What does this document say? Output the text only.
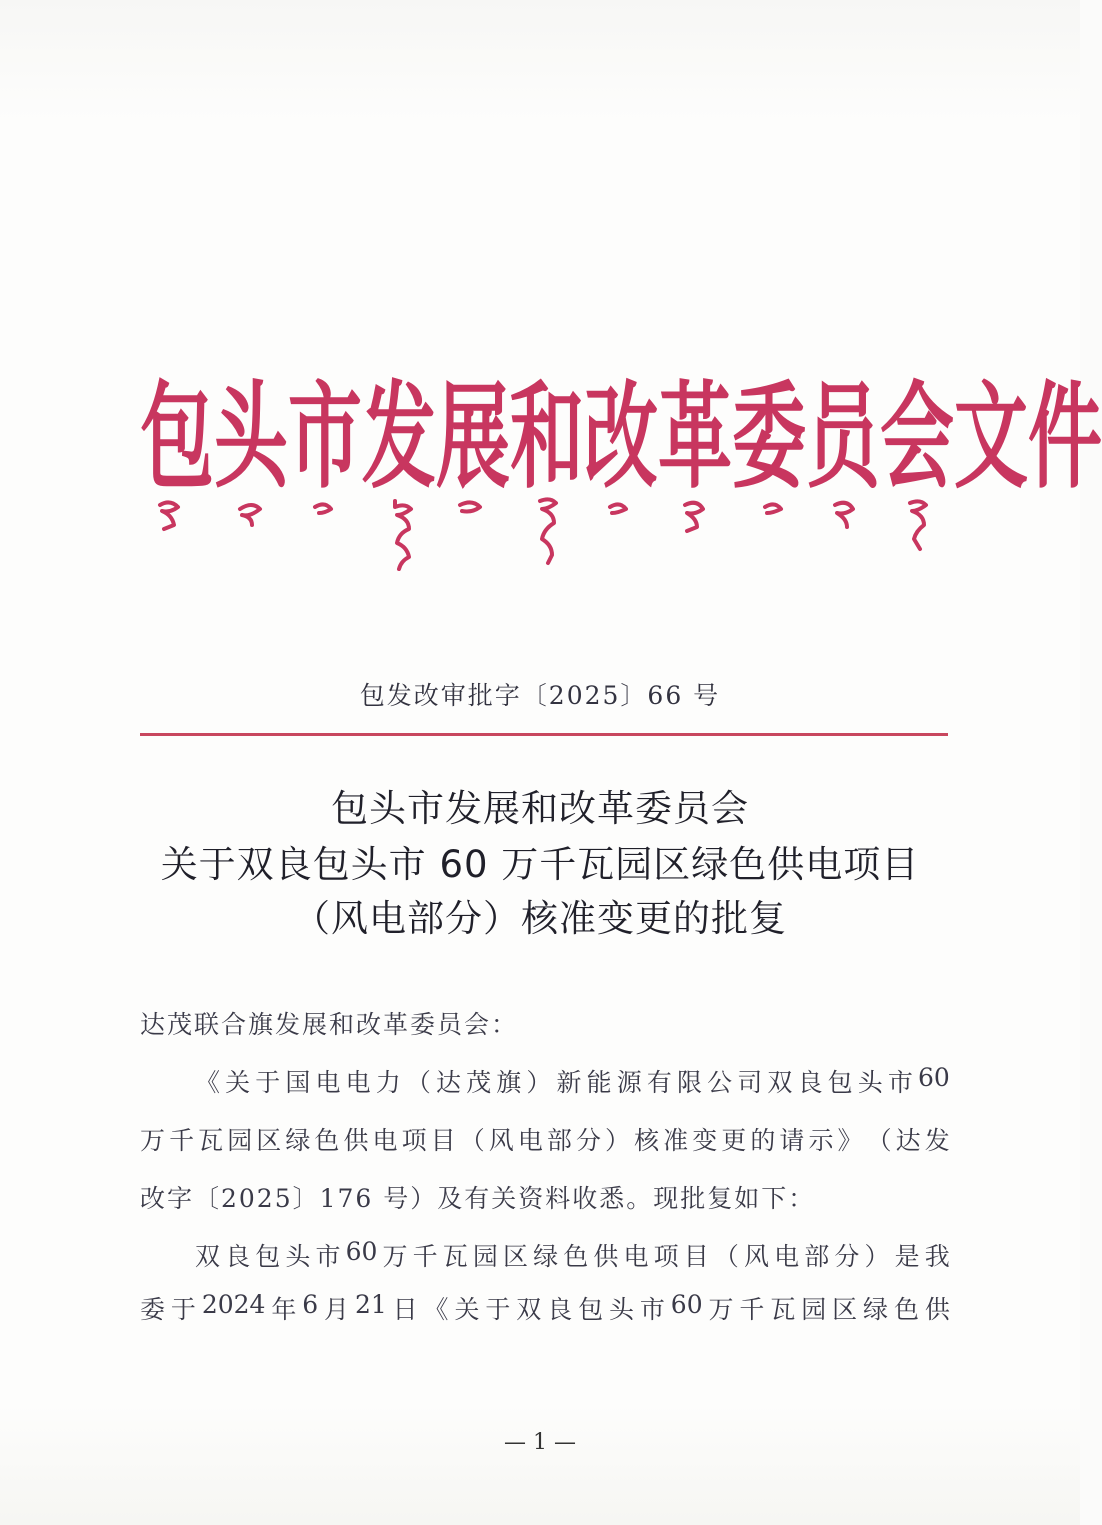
包 头 市 发 展 和 改 革 委 员 会 文 件
包发改审批字〔2025〕66 号
包头市发展和改革委员会
关于双良包头市 60 万千瓦园区绿色供电项目
（风电部分）核准变更的批复
达茂联合旗发展和改革委员会：
《 关 于 国 电 电 力 （ 达 茂 旗 ） 新 能 源 有 限 公 司 双 良 包 头 市 60
万 千 瓦 园 区 绿 色 供 电 项 目 （ 风 电 部 分 ） 核 准 变 更 的 请 示 》 （ 达 发
改字〔2025〕176 号）及有关资料收悉。现批复如下：
双 良 包 头 市 60 万 千 瓦 园 区 绿 色 供 电 项 目 （ 风 电 部 分 ） 是 我
委 于 2024 年 6 月 21 日 《 关 于 双 良 包 头 市 60 万 千 瓦 园 区 绿 色 供
— 1 —
